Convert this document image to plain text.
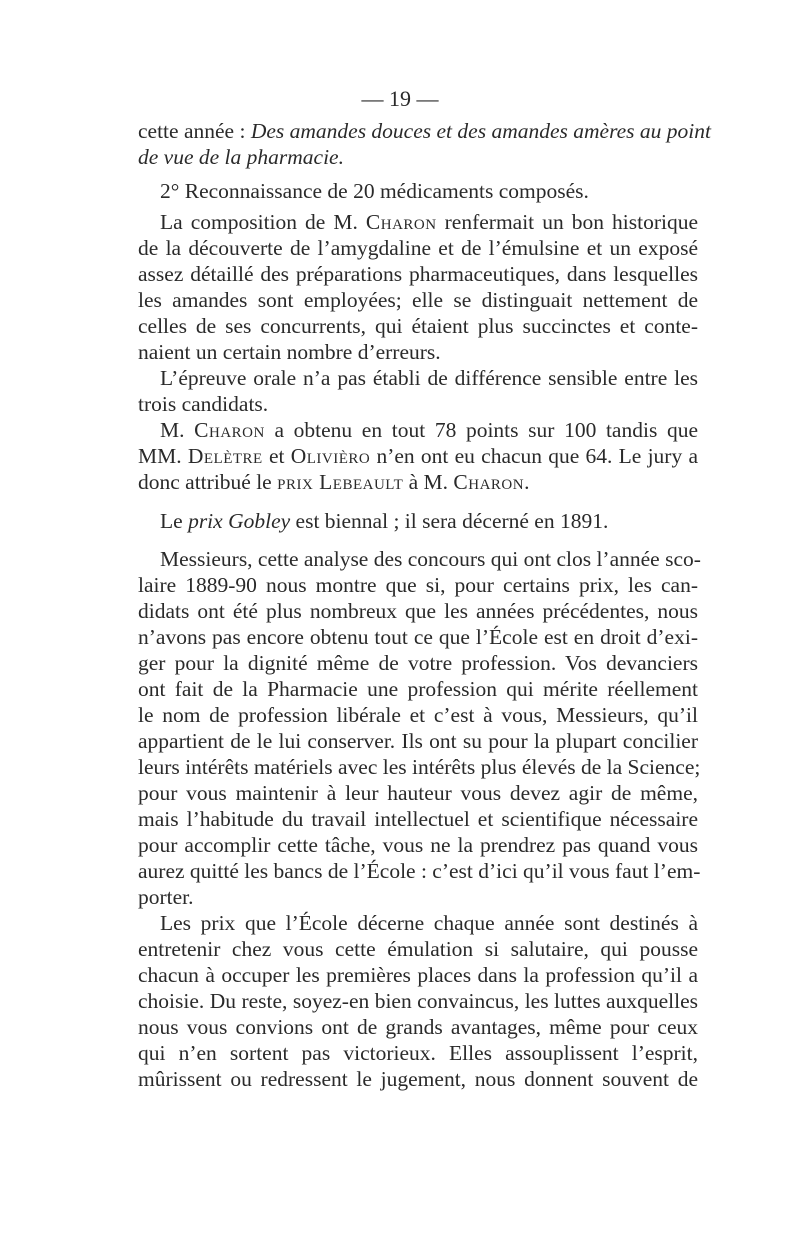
— 19 —
cette année : Des amandes douces et des amandes amères au point
de vue de la pharmacie.
2° Reconnaissance de 20 médicaments composés.
La composition de M. Charon renfermait un bon historique
de la découverte de l’amygdaline et de l’émulsine et un exposé
assez détaillé des préparations pharmaceutiques, dans lesquelles
les amandes sont employées; elle se distinguait nettement de
celles de ses concurrents, qui étaient plus succinctes et conte-
naient un certain nombre d’erreurs.
L’épreuve orale n’a pas établi de différence sensible entre les
trois candidats.
M. Charon a obtenu en tout 78 points sur 100 tandis que
MM. Delètre et Olivièro n’en ont eu chacun que 64. Le jury a
donc attribué le prix Lebeault à M. Charon.
Le prix Gobley est biennal ; il sera décerné en 1891.
Messieurs, cette analyse des concours qui ont clos l’année sco-
laire 1889-90 nous montre que si, pour certains prix, les can-
didats ont été plus nombreux que les années précédentes, nous
n’avons pas encore obtenu tout ce que l’École est en droit d’exi-
ger pour la dignité même de votre profession. Vos devanciers
ont fait de la Pharmacie une profession qui mérite réellement
le nom de profession libérale et c’est à vous, Messieurs, qu’il
appartient de le lui conserver. Ils ont su pour la plupart concilier
leurs intérêts matériels avec les intérêts plus élevés de la Science;
pour vous maintenir à leur hauteur vous devez agir de même,
mais l’habitude du travail intellectuel et scientifique nécessaire
pour accomplir cette tâche, vous ne la prendrez pas quand vous
aurez quitté les bancs de l’École : c’est d’ici qu’il vous faut l’em-
porter.
Les prix que l’École décerne chaque année sont destinés à
entretenir chez vous cette émulation si salutaire, qui pousse
chacun à occuper les premières places dans la profession qu’il a
choisie. Du reste, soyez-en bien convaincus, les luttes auxquelles
nous vous convions ont de grands avantages, même pour ceux
qui n’en sortent pas victorieux. Elles assouplissent l’esprit,
mûrissent ou redressent le jugement, nous donnent souvent de
